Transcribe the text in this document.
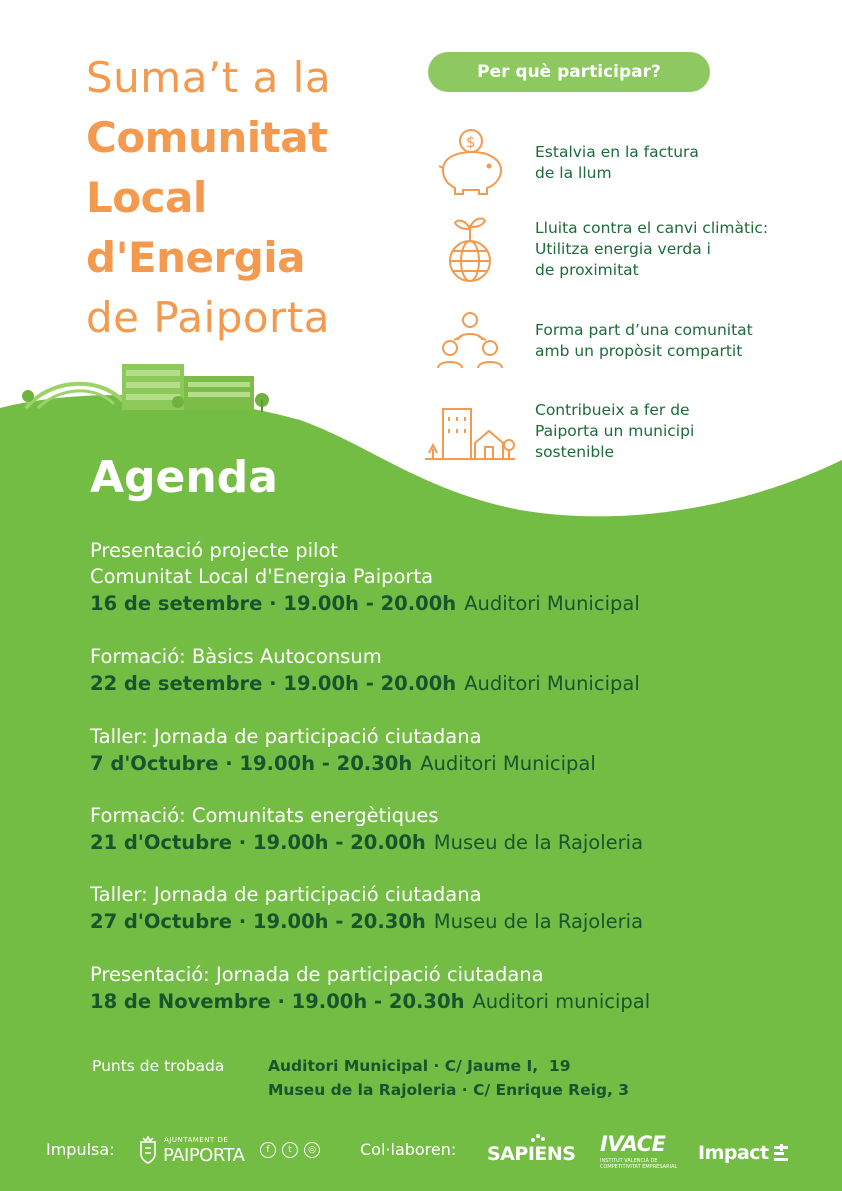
Suma’t a la
Comunitat
Local
d'Energia
de Paiporta
Per què participar?
$
Estalvia en la factura
de la llum
Lluita contra el canvi climàtic:
Utilitza energia verda i
de proximitat
Forma part d’una comunitat
amb un propòsit compartit
Contribueix a fer de
Paiporta un municipi
sostenible
Agenda
Presentació projecte pilot
Comunitat Local d'Energia Paiporta
16 de setembre · 19.00h - 20.00h Auditori Municipal
Formació: Bàsics Autoconsum
22 de setembre · 19.00h - 20.00h Auditori Municipal
Taller: Jornada de participació ciutadana
7 d'Octubre · 19.00h - 20.30h Auditori Municipal
Formació: Comunitats energètiques
21 d'Octubre · 19.00h - 20.00h Museu de la Rajoleria
Taller: Jornada de participació ciutadana
27 d'Octubre · 19.00h - 20.30h Museu de la Rajoleria
Presentació: Jornada de participació ciutadana
18 de Novembre · 19.00h - 20.30h Auditori municipal
Punts de trobada	Auditori Municipal · C/ Jaume I,  19
Museu de la Rajoleria · C/ Enrique Reig, 3
Impulsa:	AJUNTAMENT DE
PAIPORTA	f	t	◎	Col·laboren: SAPIENS IVACE
INSTITUT VALENCIÀ DE
COMPETITIVITAT EMPRESARIAL
Impact
